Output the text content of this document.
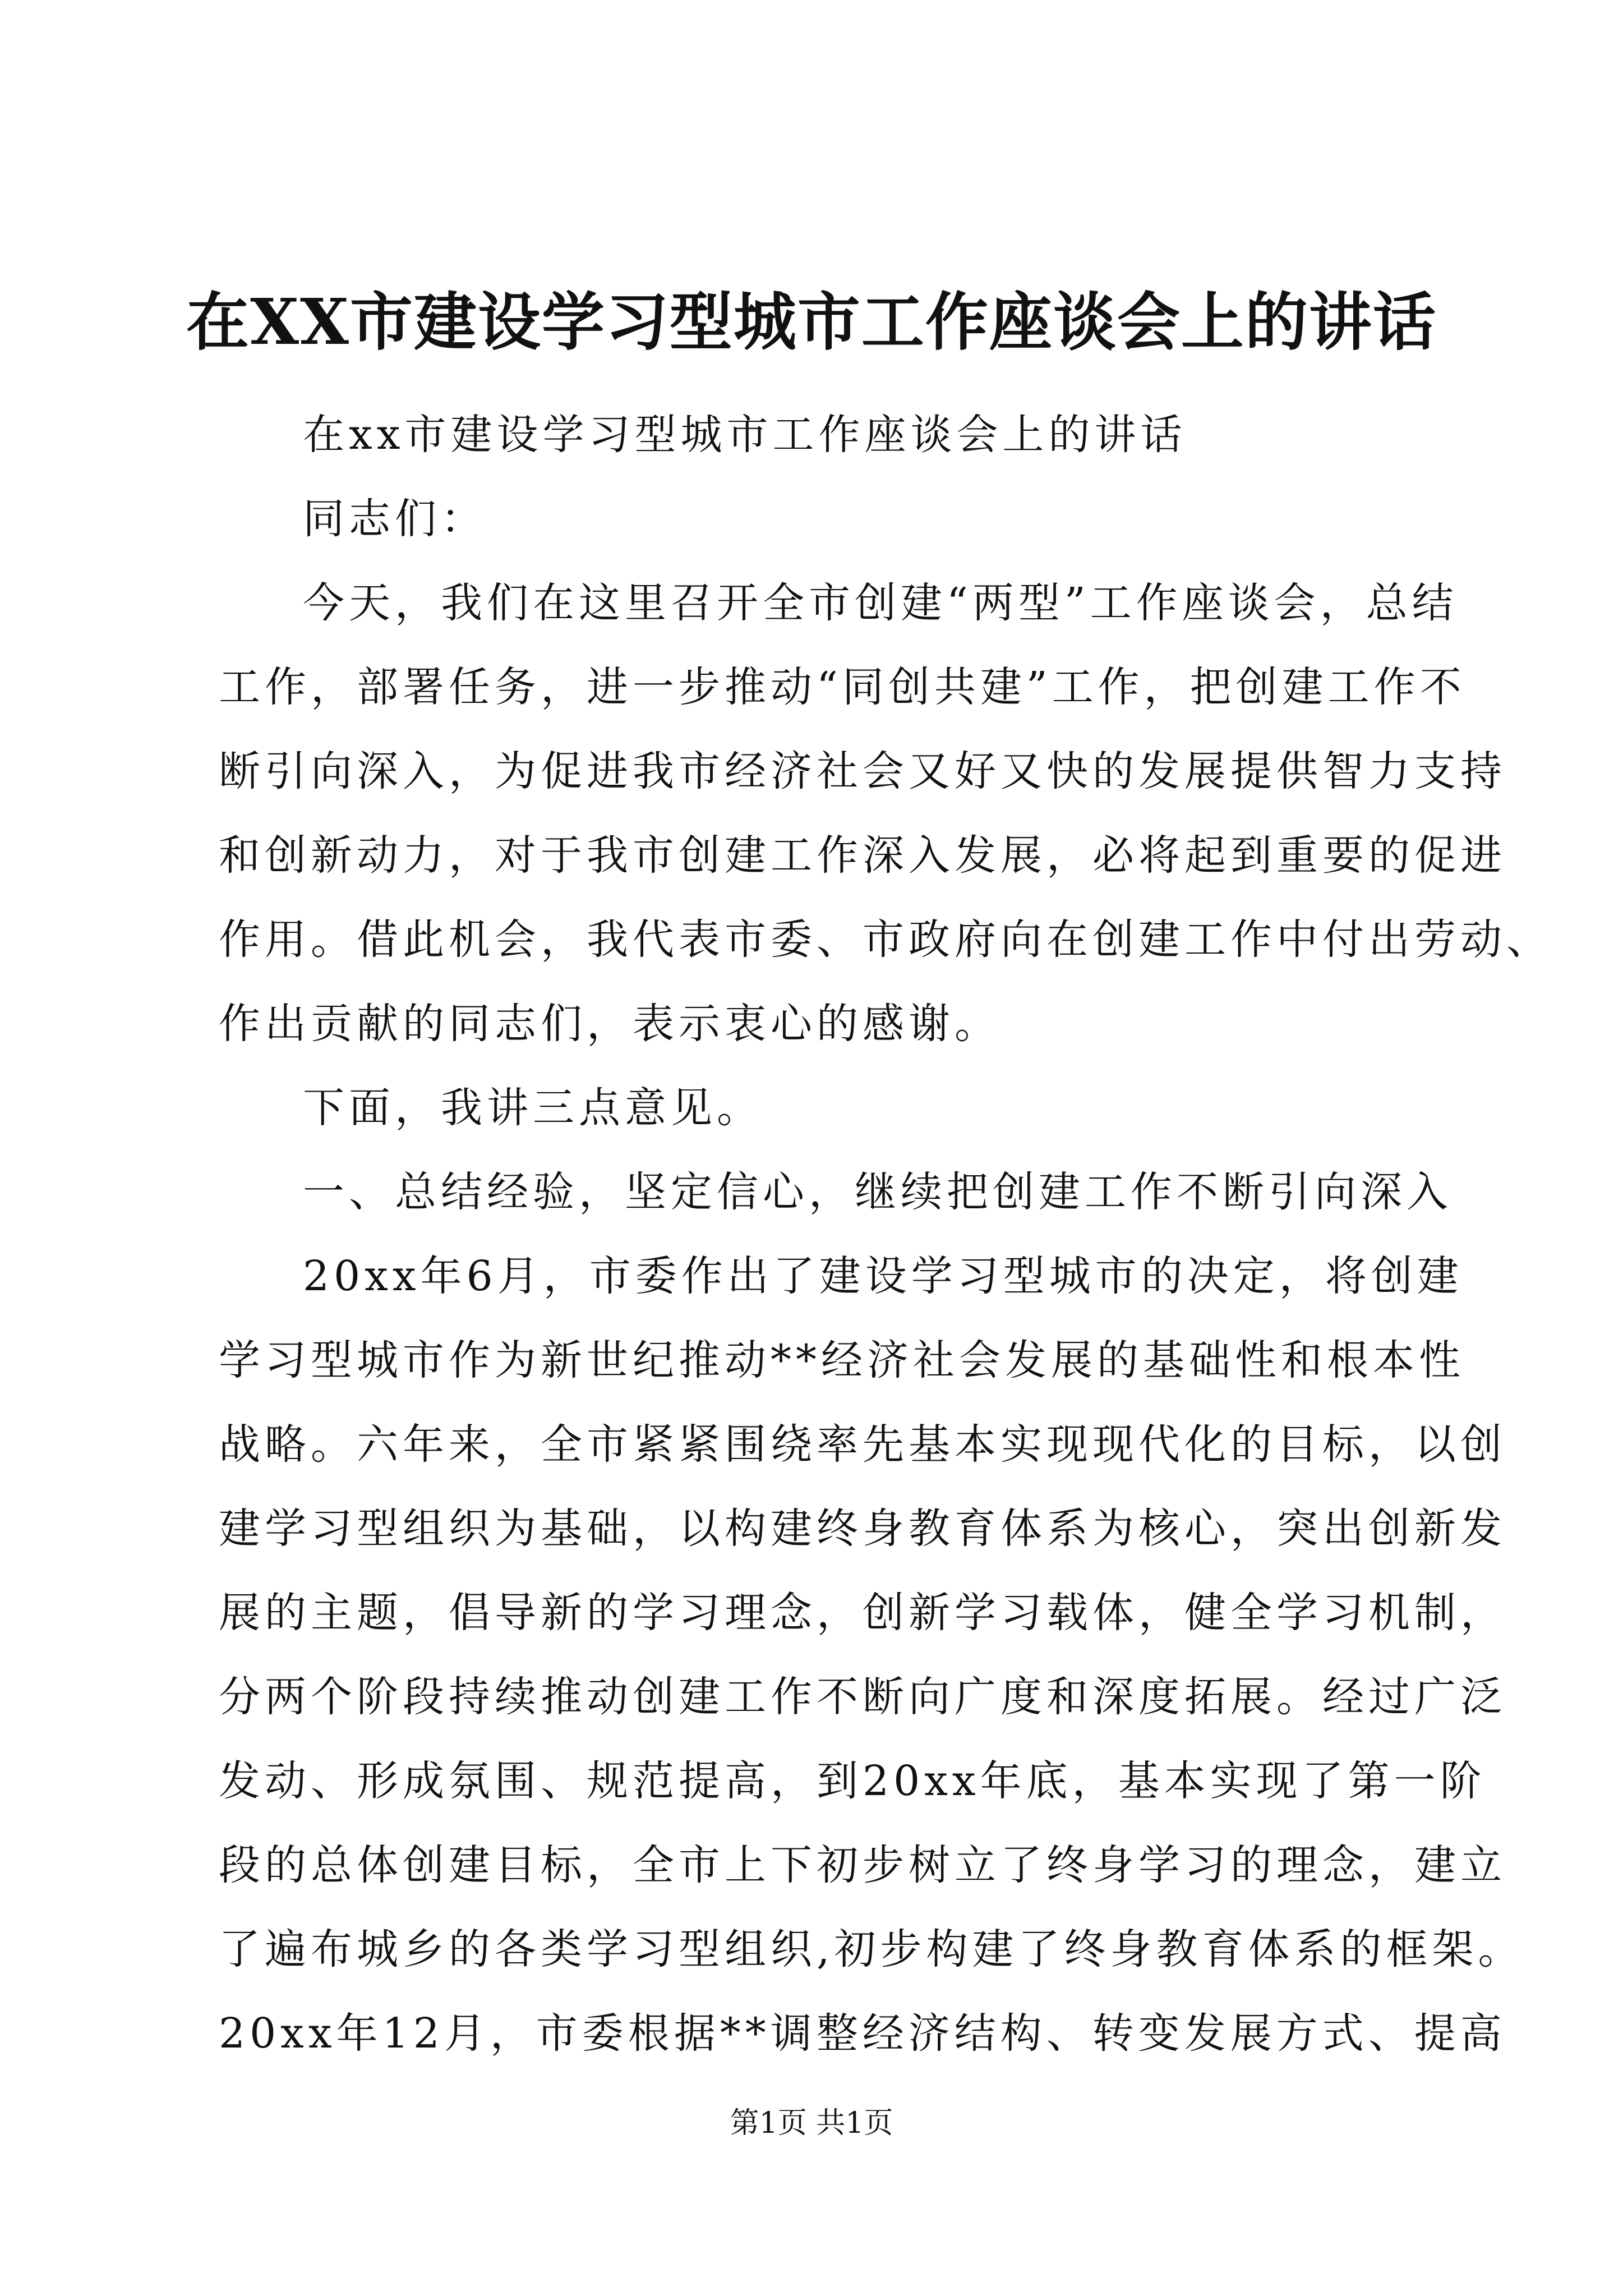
在XX市建设学习型城市工作座谈会上的讲话
在xx市建设学习型城市工作座谈会上的讲话
同志们：
今天，我们在这里召开全市创建“两型”工作座谈会，总结
工作，部署任务，进一步推动“同创共建”工作，把创建工作不
断引向深入，为促进我市经济社会又好又快的发展提供智力支持
和创新动力，对于我市创建工作深入发展，必将起到重要的促进
作用。借此机会，我代表市委、市政府向在创建工作中付出劳动、
作出贡献的同志们，表示衷心的感谢。
下面，我讲三点意见。
一、总结经验，坚定信心，继续把创建工作不断引向深入
20xx年6月，市委作出了建设学习型城市的决定，将创建
学习型城市作为新世纪推动**经济社会发展的基础性和根本性
战略。六年来，全市紧紧围绕率先基本实现现代化的目标，以创
建学习型组织为基础，以构建终身教育体系为核心，突出创新发
展的主题，倡导新的学习理念，创新学习载体，健全学习机制，
分两个阶段持续推动创建工作不断向广度和深度拓展。经过广泛
发动、形成氛围、规范提高，到20xx年底，基本实现了第一阶
段的总体创建目标，全市上下初步树立了终身学习的理念，建立
了遍布城乡的各类学习型组织,初步构建了终身教育体系的框架。
20xx年12月，市委根据**调整经济结构、转变发展方式、提高
第1页 共1页
